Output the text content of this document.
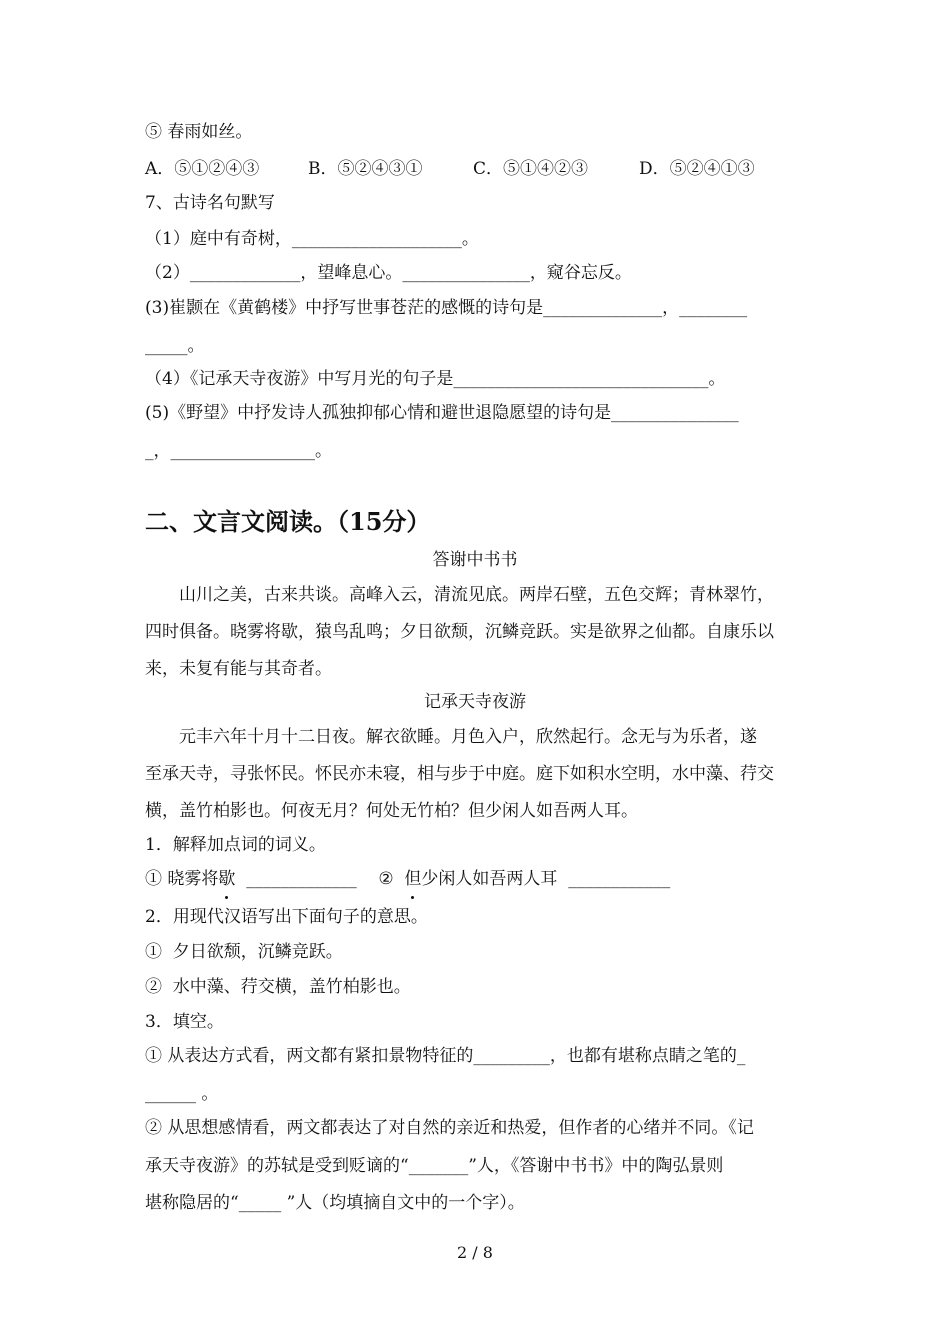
⑤ 春雨如丝。
A．⑤①②④③	B．⑤②④③①	C．⑤①④②③	D．⑤②④①③
7、古诗名句默写
（1）庭中有奇树，____________________。
（2）_____________，望峰息心。_______________，窥谷忘反。
(3)崔颢在《黄鹤楼》中抒写世事苍茫的感慨的诗句是______________，________
_____。
（4）《记承天寺夜游》中写月光的句子是______________________________。
(5)《野望》中抒发诗人孤独抑郁心情和避世退隐愿望的诗句是_______________
_，_________________。
二、文言文阅读。（15分）
答谢中书书
　　山川之美，古来共谈。高峰入云，清流见底。两岸石壁，五色交辉；青林翠竹，
四时俱备。晓雾将歇，猿鸟乱鸣；夕日欲颓，沉鳞竞跃。实是欲界之仙都。自康乐以
来，未复有能与其奇者。
记承天寺夜游
　　元丰六年十月十二日夜。解衣欲睡。月色入户，欣然起行。念无与为乐者，遂
至承天寺，寻张怀民。怀民亦未寝，相与步于中庭。庭下如积水空明，水中藻、荇交
横，盖竹柏影也。何夜无月？何处无竹柏？但少闲人如吾两人耳。
1．解释加点词的词义。
① 晓雾将歇  _____________ ②  但少闲人如吾两人耳  ____________
2．用现代汉语写出下面句子的意思。
①  夕日欲颓，沉鳞竞跃。
②  水中藻、荇交横，盖竹柏影也。
3．填空。
① 从表达方式看，两文都有紧扣景物特征的_________，也都有堪称点睛之笔的_
______ 。
② 从思想感情看，两文都表达了对自然的亲近和热爱，但作者的心绪并不同。《记
承天寺夜游》的苏轼是受到贬谪的“_______”人，《答谢中书书》中的陶弘景则
堪称隐居的“_____ ”人（均填摘自文中的一个字）。
2 / 8
